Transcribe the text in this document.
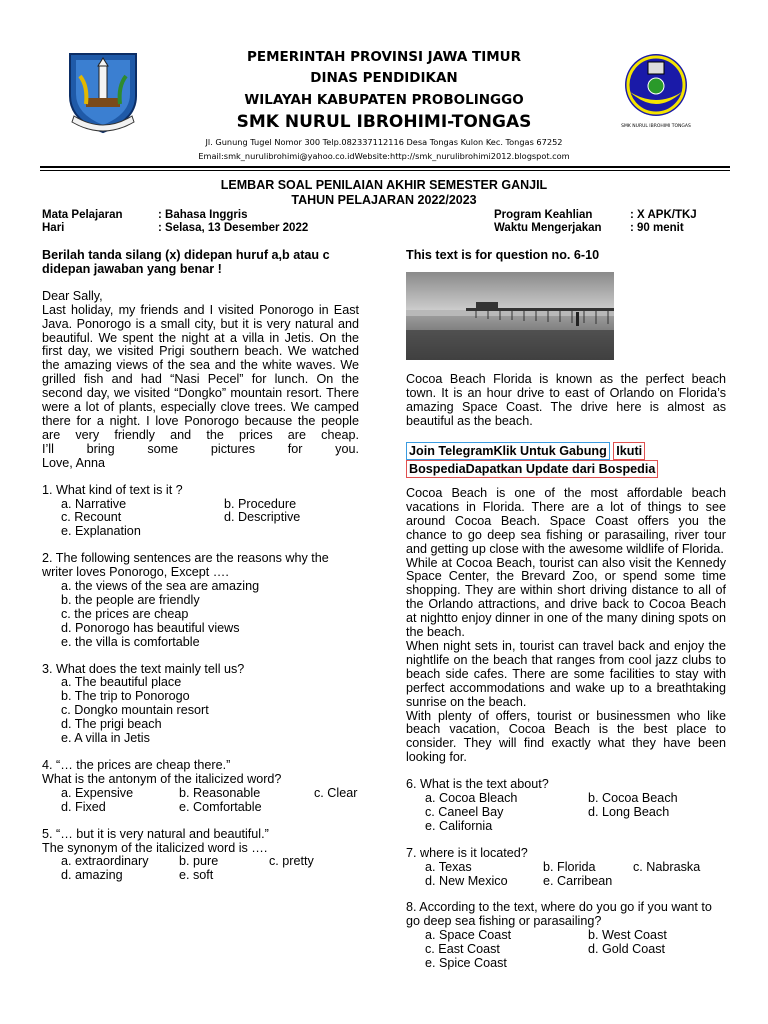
SMK NURUL IBROHIMI TONGAS
PEMERINTAH PROVINSI JAWA TIMUR
DINAS PENDIDIKAN
WILAYAH KABUPATEN PROBOLINGGO
SMK NURUL IBROHIMI-TONGAS
Jl. Gunung Tugel Nomor 300 Telp.082337112116 Desa Tongas Kulon Kec. Tongas 67252
Email:smk_nurulibrohimi@yahoo.co.idWebsite:http://smk_nurulibrohimi2012.blogspot.com
LEMBAR SOAL PENILAIAN AKHIR SEMESTER GANJIL
TAHUN PELAJARAN 2022/2023
Mata Pelajaran	: Bahasa Inggris
Hari	: Selasa, 13 Desember 2022
Program Keahlian	: X APK/TKJ
Waktu Mengerjakan : 90 menit

Berilah tanda silang (x) didepan huruf a,b atau c didepan jawaban yang benar !

Dear Sally,

Last holiday, my friends and I visited Ponorogo in East Java. Ponorogo is a small city, but it is very natural and beautiful. We spent the night at a villa in Jetis. On the first day, we visited Prigi southern beach. We watched the amazing views of the sea and the white waves. We grilled fish and had “Nasi Pecel” for lunch. On the second day, we visited “Dongko” mountain resort. There were a lot of plants, especially clove trees. We camped there for a night. I love Ponorogo because the people are very friendly and the prices are cheap.

I’ll bring some pictures for you.

Love, Anna

1. What kind of text is it ?

a. Narrative	b. Procedure
c. Recount	d. Descriptive
e. Explanation

2. The following sentences are the reasons why the writer loves Ponorogo, Except ….

a. the views of the sea are amazing
b. the people are friendly
c. the prices are cheap
d. Ponorogo has beautiful views
e. the villa is comfortable

3. What does the text mainly tell us?

a. The beautiful place
b. The trip to Ponorogo
c. Dongko mountain resort
d. The prigi beach
e. A villa in Jetis

4. “… the prices are cheap there.”

What is the antonym of the italicized word?

a. Expensive	b. Reasonable	c. Clear
d. Fixed	e. Comfortable

5. “… but it is very natural and beautiful.”

The synonym of the italicized word is ….

a. extraordinary	b. pure	c. pretty
d. amazing	e. soft
This text is for question no. 6-10
Cocoa Beach Florida is known as the perfect beach town. It is an hour drive to east of Orlando on Florida’s amazing Space Coast. The drive here is almost as beautiful as the beach.
Join TelegramKlik Untuk Gabung Ikuti
BospediaDapatkan Update dari Bospedia

Cocoa Beach is one of the most affordable beach vacations in Florida. There are a lot of things to see around Cocoa Beach. Space Coast offers you the chance to go deep sea fishing or parasailing, river tour and getting up close with the awesome wildlife of Florida.

While at Cocoa Beach, tourist can also visit the Kennedy Space Center, the Brevard Zoo, or spend some time shopping. They are within short driving distance to all of the Orlando attractions, and drive back to Cocoa Beach at nightto enjoy dinner in one of the many dining spots on the beach.

When night sets in, tourist can travel back and enjoy the nightlife on the beach that ranges from cool jazz clubs to beach side cafes. There are some facilities to stay with perfect accommodations and wake up to a breathtaking sunrise on the beach.

With plenty of offers, tourist or businessmen who like beach vacation, Cocoa Beach is the best place to consider. They will find exactly what they have been looking for.

6. What is the text about?

a. Cocoa Bleach	b. Cocoa Beach
c. Caneel Bay	d. Long Beach
e. California

7. where is it located?

a. Texas	b. Florida	c. Nabraska
d. New Mexico	e. Carribean

8. According to the text, where do you go if you want to go deep sea fishing or parasailing?

a. Space Coast	b. West Coast
c. East Coast	d. Gold Coast
e. Spice Coast
